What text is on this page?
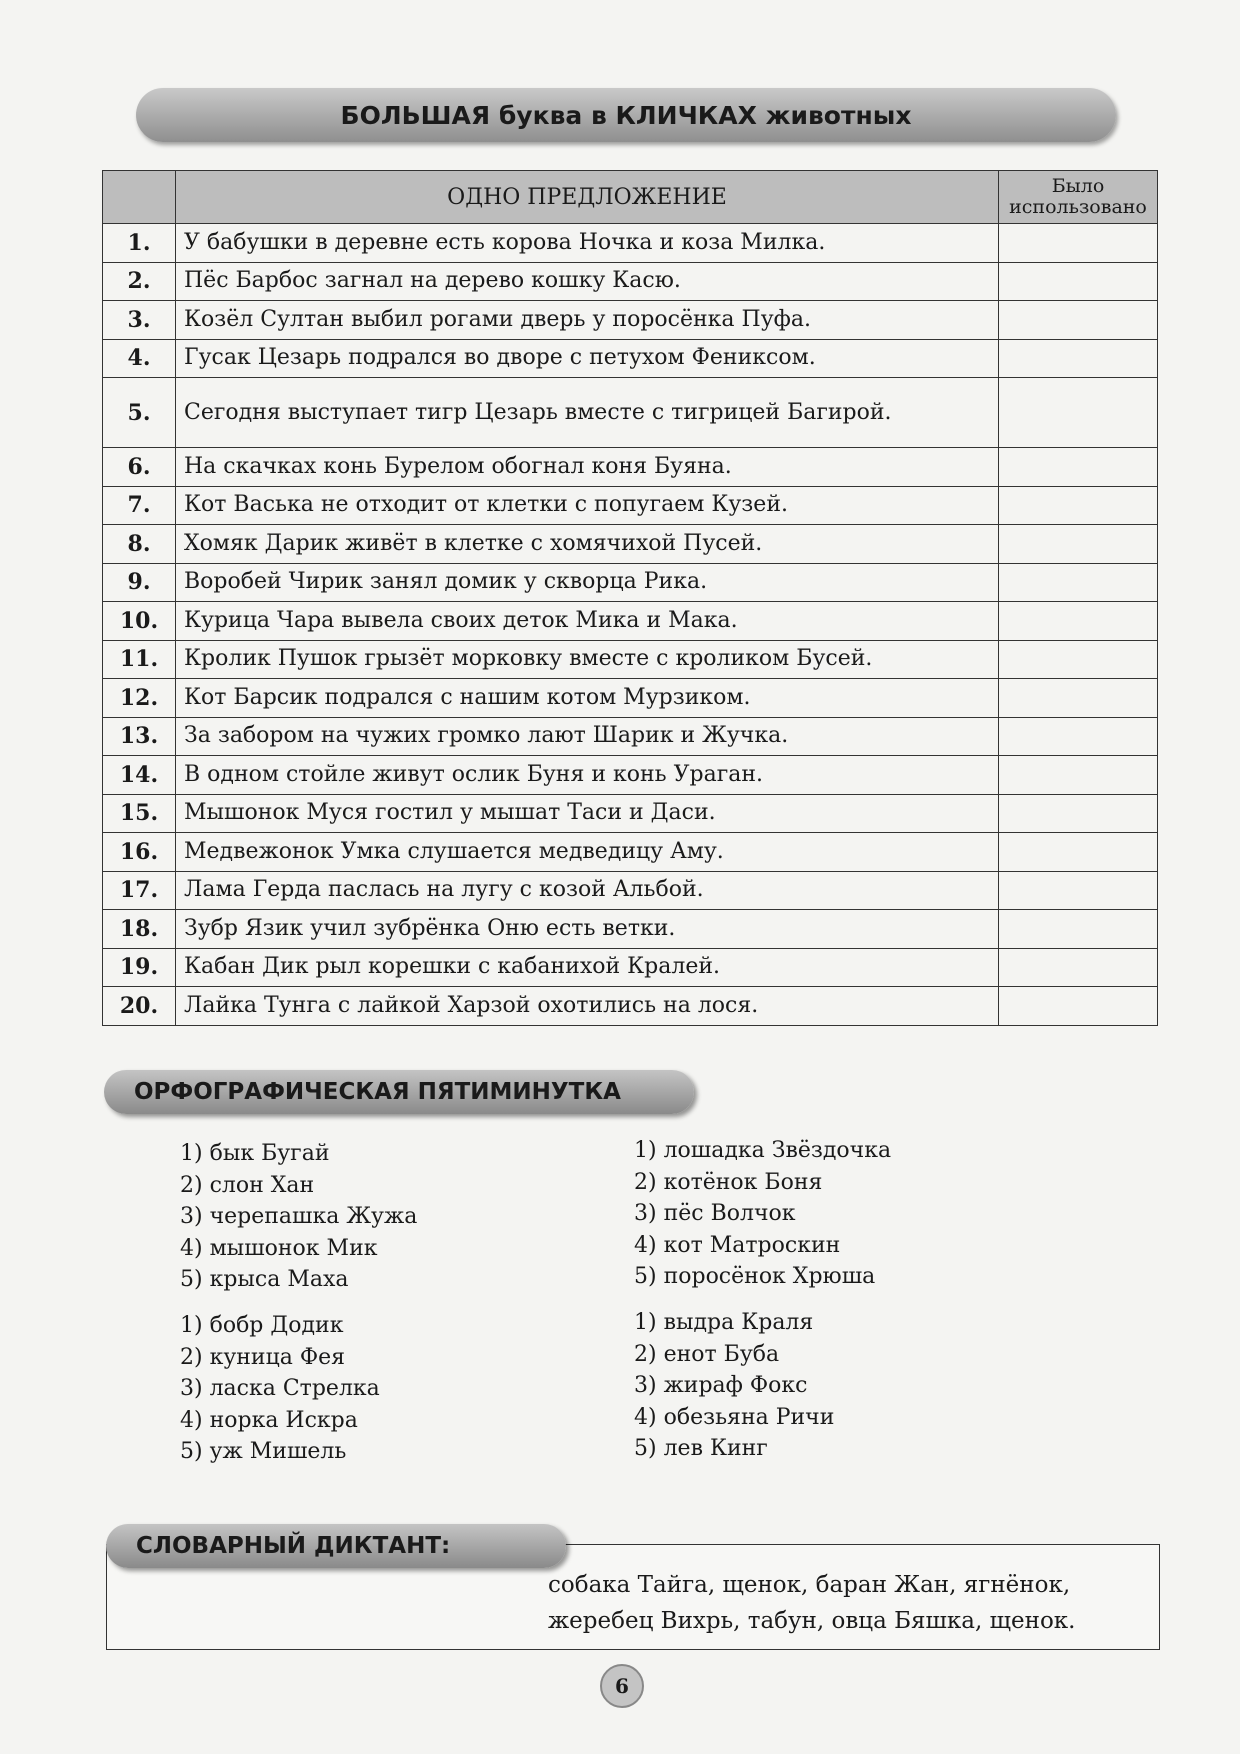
БОЛЬШАЯ буква в КЛИЧКАХ животных
	ОДНО ПРЕДЛОЖЕНИЕ	Было использовано
1.	У бабушки в деревне есть корова Ночка и коза Милка.	
2.	Пёс Барбос загнал на дерево кошку Касю.	
3.	Козёл Султан выбил рогами дверь у поросёнка Пуфа.	
4.	Гусак Цезарь подрался во дворе с петухом Фениксом.	
5.	Сегодня выступает тигр Цезарь вместе с тигрицей Багирой.	
6.	На скачках конь Бурелом обогнал коня Буяна.	
7.	Кот Васька не отходит от клетки с попугаем Кузей.	
8.	Хомяк Дарик живёт в клетке с хомячихой Пусей.	
9.	Воробей Чирик занял домик у скворца Рика.	
10.	Курица Чара вывела своих деток Мика и Мака.	
11.	Кролик Пушок грызёт морковку вместе с кроликом Бусей.	
12.	Кот Барсик подрался с нашим котом Мурзиком.	
13.	За забором на чужих громко лают Шарик и Жучка.	
14.	В одном стойле живут ослик Буня и конь Ураган.	
15.	Мышонок Муся гостил у мышат Таси и Даси.	
16.	Медвежонок Умка слушается медведицу Аму.	
17.	Лама Герда паслась на лугу с козой Альбой.	
18.	Зубр Язик учил зубрёнка Оню есть ветки.	
19.	Кабан Дик рыл корешки с кабанихой Кралей.	
20.	Лайка Тунга с лайкой Харзой охотились на лося.	
ОРФОГРАФИЧЕСКАЯ ПЯТИМИНУТКА
1) бык Бугай
2) слон Хан
3) черепашка Жужа
4) мышонок Мик
5) крыса Маха
1) лошадка Звёздочка
2) котёнок Боня
3) пёс Волчок
4) кот Матроскин
5) поросёнок Хрюша
1) бобр Додик
2) куница Фея
3) ласка Стрелка
4) норка Искра
5) уж Мишель
1) выдра Краля
2) енот Буба
3) жираф Фокс
4) обезьяна Ричи
5) лев Кинг
СЛОВАРНЫЙ ДИКТАНТ:
собака Тайга, щенок, баран Жан, ягнёнок,
жеребец Вихрь, табун, овца Бяшка, щенок.
6
